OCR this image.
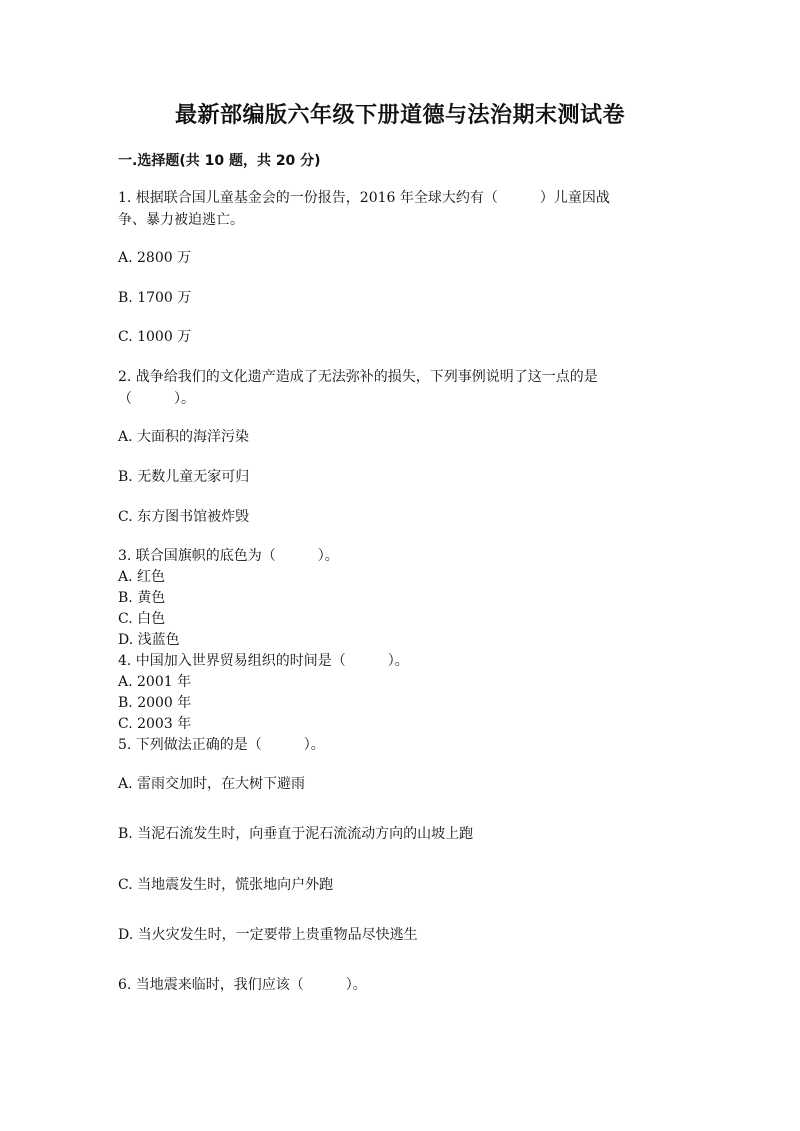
最新部编版六年级下册道德与法治期末测试卷
一.选择题(共 10 题，共 20 分)
1. 根据联合国儿童基金会的一份报告，2016 年全球大约有（　　　）儿童因战
争、暴力被迫逃亡。
A. 2800 万
B. 1700 万
C. 1000 万
2. 战争给我们的文化遗产造成了无法弥补的损失，下列事例说明了这一点的是
（　　　）。
A. 大面积的海洋污染
B. 无数儿童无家可归
C. 东方图书馆被炸毁
3. 联合国旗帜的底色为（　　　）。
A. 红色
B. 黄色
C. 白色
D. 浅蓝色
4. 中国加入世界贸易组织的时间是（　　　）。
A. 2001 年
B. 2000 年
C. 2003 年
5. 下列做法正确的是（　　　）。
A. 雷雨交加时，在大树下避雨
B. 当泥石流发生时，向垂直于泥石流流动方向的山坡上跑
C. 当地震发生时，慌张地向户外跑
D. 当火灾发生时，一定要带上贵重物品尽快逃生
6. 当地震来临时，我们应该（　　　）。
